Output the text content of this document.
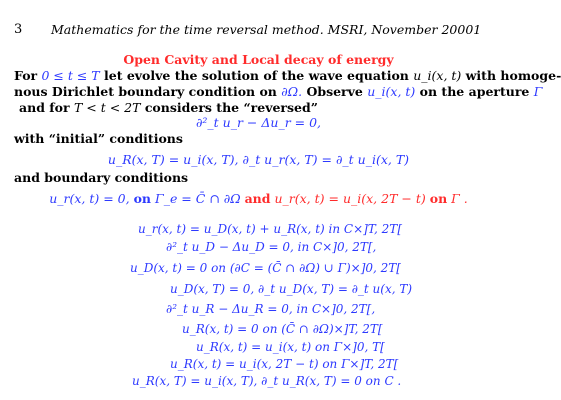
3 Mathematics for the time reversal method. MSRI, November 20001
Open Cavity and Local decay of energy
For 0 ≤ t ≤ T let evolve the solution of the wave equation u_i(x, t) with homoge-
nous Dirichlet boundary condition on ∂Ω. Observe u_i(x, t) on the aperture Γ
and for T < t < 2T considers the “reversed”
∂²_t u_r − Δu_r = 0,
with “initial” conditions
u_R(x, T) = u_i(x, T), ∂_t u_r(x, T) = ∂_t u_i(x, T)
and boundary conditions
u_r(x, t) = 0, on Γ_e = C̄ ∩ ∂Ω and u_r(x, t) = u_i(x, 2T − t) on Γ .
u_r(x, t) = u_D(x, t) + u_R(x, t) in C×]T, 2T[
∂²_t u_D − Δu_D = 0, in C×]0, 2T[,
u_D(x, t) = 0 on (∂C = (C̄ ∩ ∂Ω) ∪ Γ)×]0, 2T[
u_D(x, T) = 0, ∂_t u_D(x, T) = ∂_t u(x, T)
∂²_t u_R − Δu_R = 0, in C×]0, 2T[,
u_R(x, t) = 0 on (C̄ ∩ ∂Ω)×]T, 2T[
u_R(x, t) = u_i(x, t) on Γ×]0, T[
u_R(x, t) = u_i(x, 2T − t) on Γ×]T, 2T[
u_R(x, T) = u_i(x, T), ∂_t u_R(x, T) = 0 on C .
